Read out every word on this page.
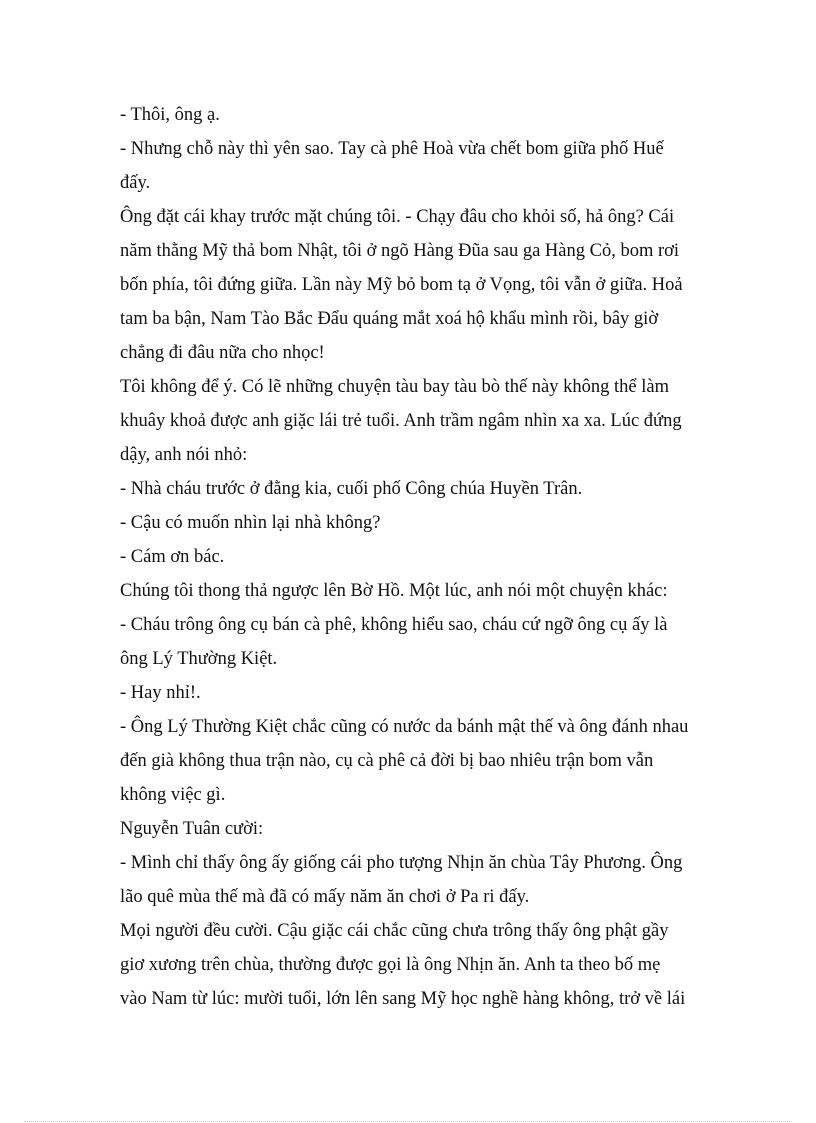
- Thôi, ông ạ.
- Nhưng chỗ này thì yên sao. Tay cà phê Hoà vừa chết bom giữa phố Huế
đấy.
Ông đặt cái khay trước mặt chúng tôi. - Chạy đâu cho khỏi số, hả ông? Cái
năm thằng Mỹ thả bom Nhật, tôi ở ngõ Hàng Đũa sau ga Hàng Cỏ, bom rơi
bốn phía, tôi đứng giữa. Lần này Mỹ bỏ bom tạ ở Vọng, tôi vẫn ở giữa. Hoả
tam ba bận, Nam Tào Bắc Đẩu quáng mắt xoá hộ khẩu mình rồi, bây giờ
chẳng đi đâu nữa cho nhọc!
Tôi không để ý. Có lẽ những chuyện tàu bay tàu bò thế này không thể làm
khuây khoả được anh giặc lái trẻ tuổi. Anh trầm ngâm nhìn xa xa. Lúc đứng
dậy, anh nói nhỏ:
- Nhà cháu trước ở đằng kia, cuối phố Công chúa Huyền Trân.
- Cậu có muốn nhìn lại nhà không?
- Cám ơn bác.
Chúng tôi thong thả ngược lên Bờ Hồ. Một lúc, anh nói một chuyện khác:
- Cháu trông ông cụ bán cà phê, không hiểu sao, cháu cứ ngỡ ông cụ ấy là
ông Lý Thường Kiệt.
- Hay nhỉ!.
- Ông Lý Thường Kiệt chắc cũng có nước da bánh mật thế và ông đánh nhau
đến già không thua trận nào, cụ cà phê cả đời bị bao nhiêu trận bom vẫn
không việc gì.
Nguyễn Tuân cười:
- Mình chỉ thấy ông ấy giống cái pho tượng Nhịn ăn chùa Tây Phương. Ông
lão quê mùa thế mà đã có mấy năm ăn chơi ở Pa ri đấy.
Mọi người đều cười. Cậu giặc cái chắc cũng chưa trông thấy ông phật gầy
giơ xương trên chùa, thường được gọi là ông Nhịn ăn. Anh ta theo bố mẹ
vào Nam từ lúc: mười tuổi, lớn lên sang Mỹ học nghề hàng không, trở về lái
